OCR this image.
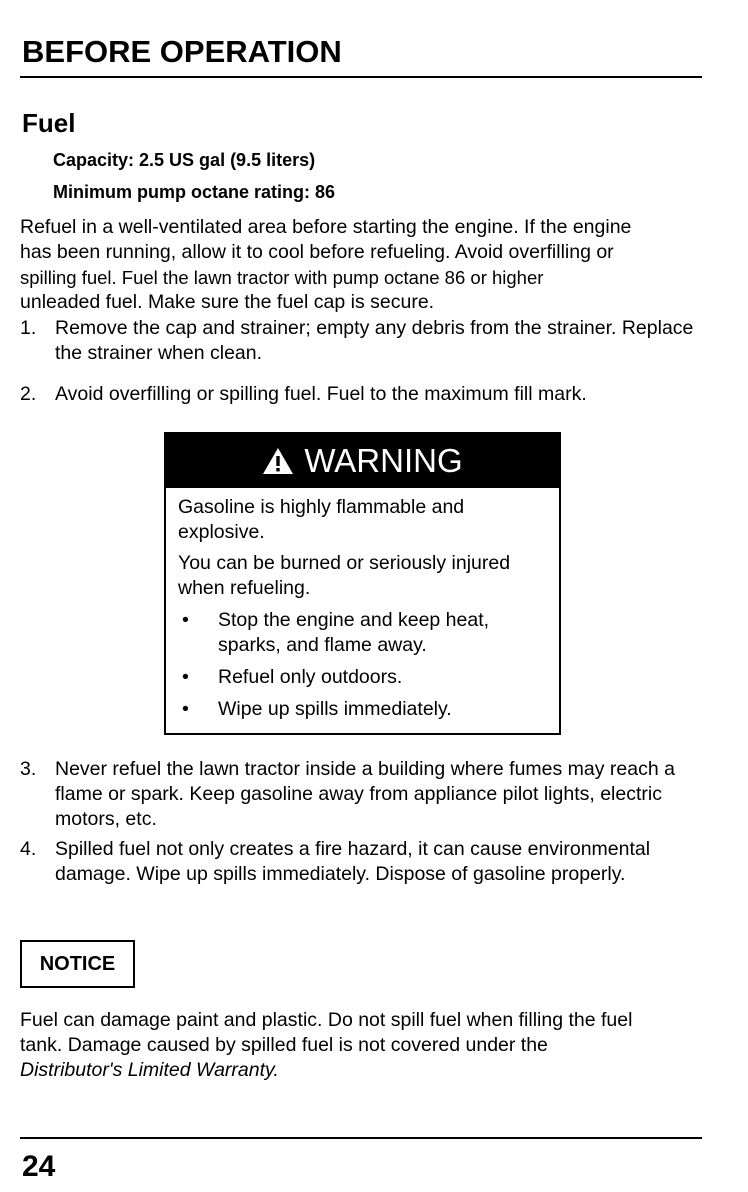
BEFORE OPERATION
Fuel
Capacity: 2.5 US gal (9.5 liters)
Minimum pump octane rating: 86
Refuel in a well-ventilated area before starting the engine. If the engine
has been running, allow it to cool before refueling. Avoid overfilling or
spilling fuel. Fuel the lawn tractor with pump octane 86 or higher
unleaded fuel. Make sure the fuel cap is secure.
1. Remove the cap and strainer; empty any debris from the strainer. Replace the strainer when clean.
2. Avoid overfilling or spilling fuel. Fuel to the maximum fill mark.
WARNING
Gasoline is highly flammable and explosive.
You can be burned or seriously injured when refueling.
•	Stop the engine and keep heat, sparks, and flame away.
•	Refuel only outdoors.
•	Wipe up spills immediately.
3. Never refuel the lawn tractor inside a building where fumes may reach a flame or spark. Keep gasoline away from appliance pilot lights, electric motors, etc.
4. Spilled fuel not only creates a fire hazard, it can cause environmental damage. Wipe up spills immediately. Dispose of gasoline properly.
NOTICE
Fuel can damage paint and plastic. Do not spill fuel when filling the fuel tank. Damage caused by spilled fuel is not covered under the
Distributor's Limited Warranty.
24
